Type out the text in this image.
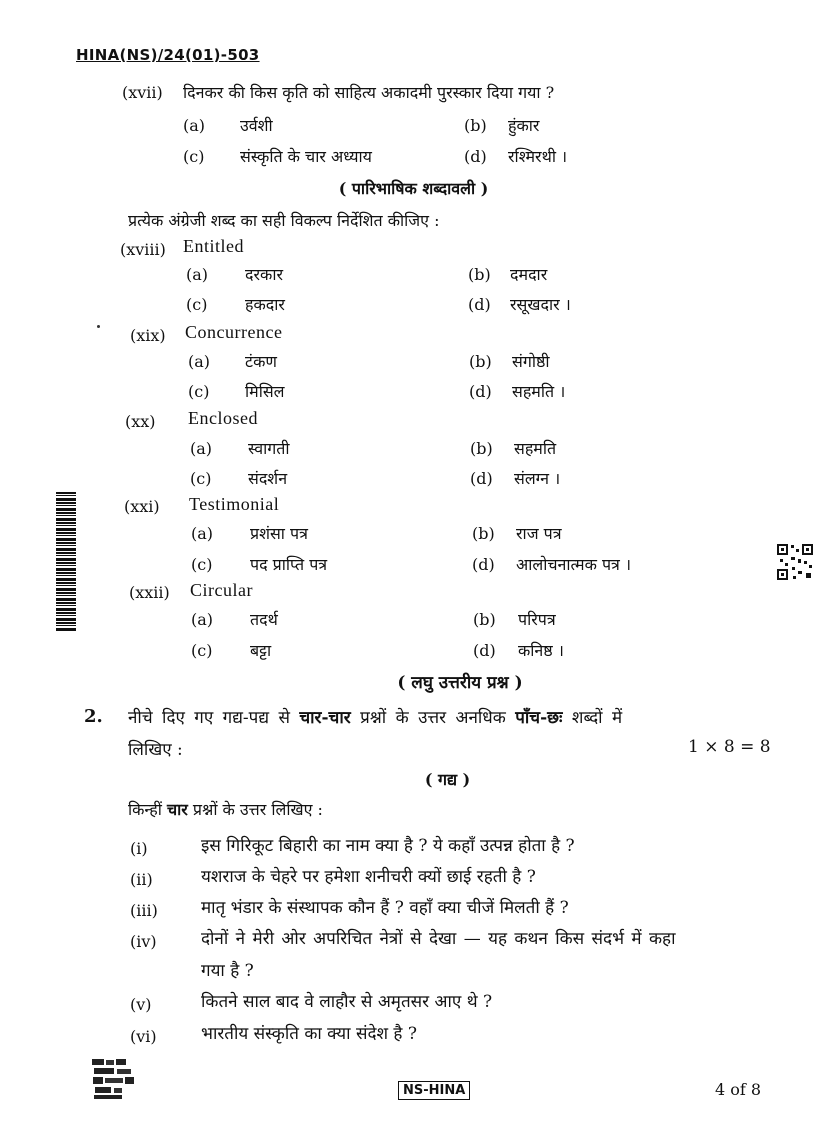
HINA(NS)/24(01)-503
(xvii) दिनकर की किस कृति को साहित्य अकादमी पुरस्कार दिया गया ?
(a) उर्वशी	(b) हुंकार
(c) संस्कृति के चार अध्याय	(d) रश्मिरथी ।
( पारिभाषिक शब्दावली )
प्रत्येक अंग्रेजी शब्द का सही विकल्प निर्देशित कीजिए :
(xviii) Entitled
(a) दरकार	(b) दमदार
(c) हकदार	(d) रसूखदार ।
(xix) Concurrence
(a) टंकण	(b) संगोष्ठी
(c) मिसिल	(d) सहमति ।
(xx) Enclosed
(a) स्वागती	(b) सहमति
(c) संदर्शन	(d) संलग्न ।
(xxi) Testimonial
(a) प्रशंसा पत्र	(b) राज पत्र
(c) पद प्राप्ति पत्र	(d) आलोचनात्मक पत्र ।
(xxii) Circular
(a) तदर्थ	(b) परिपत्र
(c) बट्टा	(d) कनिष्ठ ।
( लघु उत्तरीय प्रश्न )
2. नीचे दिए गए गद्य-पद्य से चार-चार प्रश्नों के उत्तर अनधिक पाँच-छः शब्दों में
लिखिए :	1 × 8 = 8
( गद्य )
किन्हीं चार प्रश्नों के उत्तर लिखिए :
(i)	इस गिरिकूट बिहारी का नाम क्या है ? ये कहाँ उत्पन्न होता है ?
(ii)	यशराज के चेहरे पर हमेशा शनीचरी क्यों छाई रहती है ?
(iii)	मातृ भंडार के संस्थापक कौन हैं ? वहाँ क्या चीजें मिलती हैं ?
(iv)	दोनों ने मेरी ओर अपरिचित नेत्रों से देखा — यह कथन किस संदर्भ में कहा
गया है ?
(v)	कितने साल बाद वे लाहौर से अमृतसर आए थे ?
(vi)	भारतीय संस्कृति का क्या संदेश है ?
NS-HINA	4 of 8
